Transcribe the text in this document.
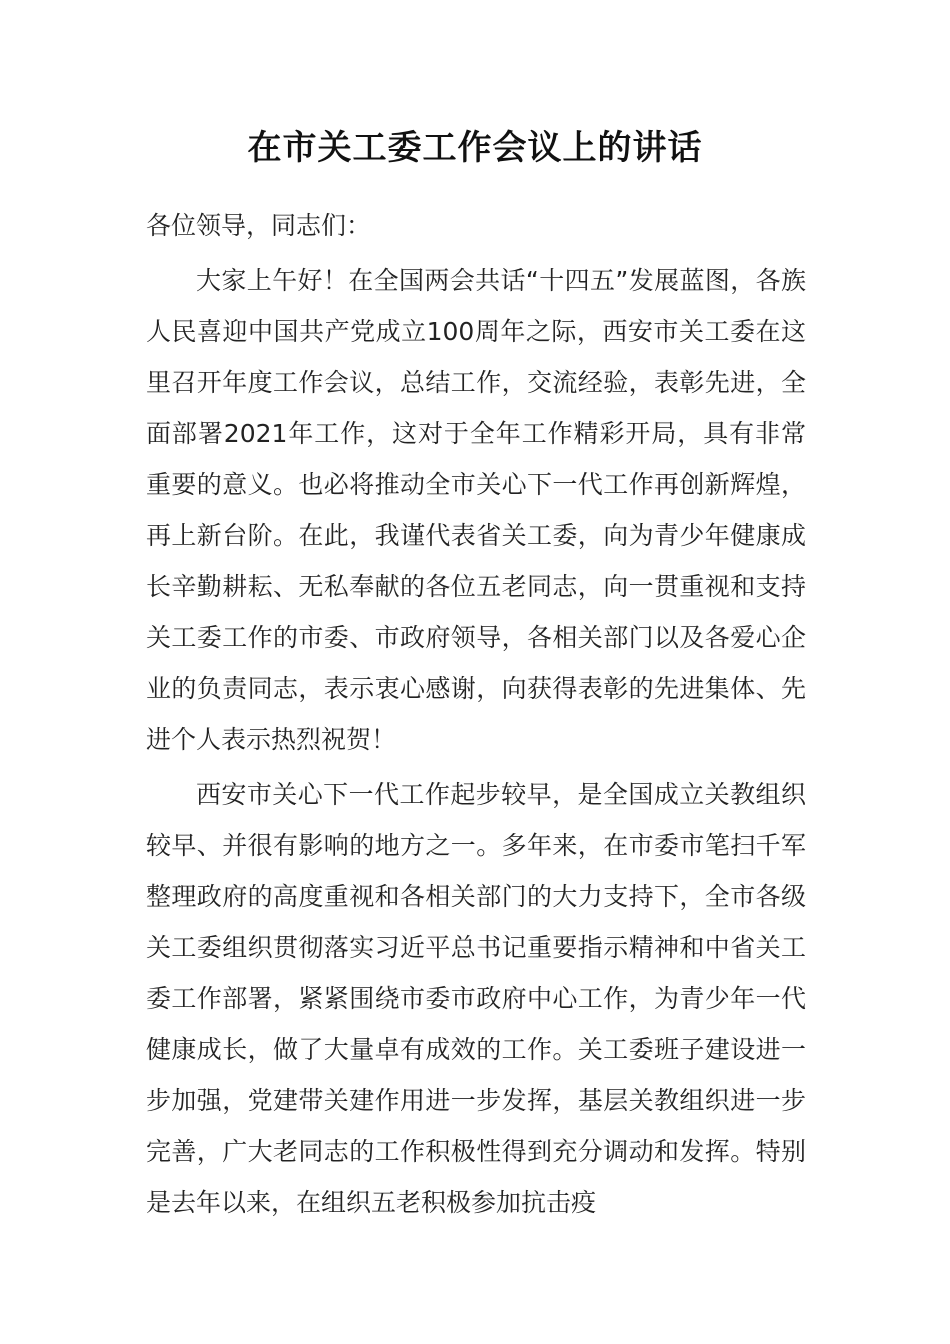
在市关工委工作会议上的讲话

各位领导，同志们：

大家上午好！在全国两会共话“十四五”发展蓝图，各族人民喜迎中国共产党成立100周年之际，西安市关工委在这里召开年度工作会议，总结工作，交流经验，表彰先进，全面部署2021年工作，这对于全年工作精彩开局，具有非常重要的意义。也必将推动全市关心下一代工作再创新辉煌，再上新台阶。在此，我谨代表省关工委，向为青少年健康成长辛勤耕耘、无私奉献的各位五老同志，向一贯重视和支持关工委工作的市委、市政府领导，各相关部门以及各爱心企业的负责同志，表示衷心感谢，向获得表彰的先进集体、先进个人表示热烈祝贺！

西安市关心下一代工作起步较早，是全国成立关教组织较早、并很有影响的地方之一。多年来，在市委市笔扫千军整理政府的高度重视和各相关部门的大力支持下，全市各级关工委组织贯彻落实习近平总书记重要指示精神和中省关工委工作部署，紧紧围绕市委市政府中心工作，为青少年一代健康成长，做了大量卓有成效的工作。关工委班子建设进一步加强，党建带关建作用进一步发挥，基层关教组织进一步完善，广大老同志的工作积极性得到充分调动和发挥。特别是去年以来，在组织五老积极参加抗击疫
